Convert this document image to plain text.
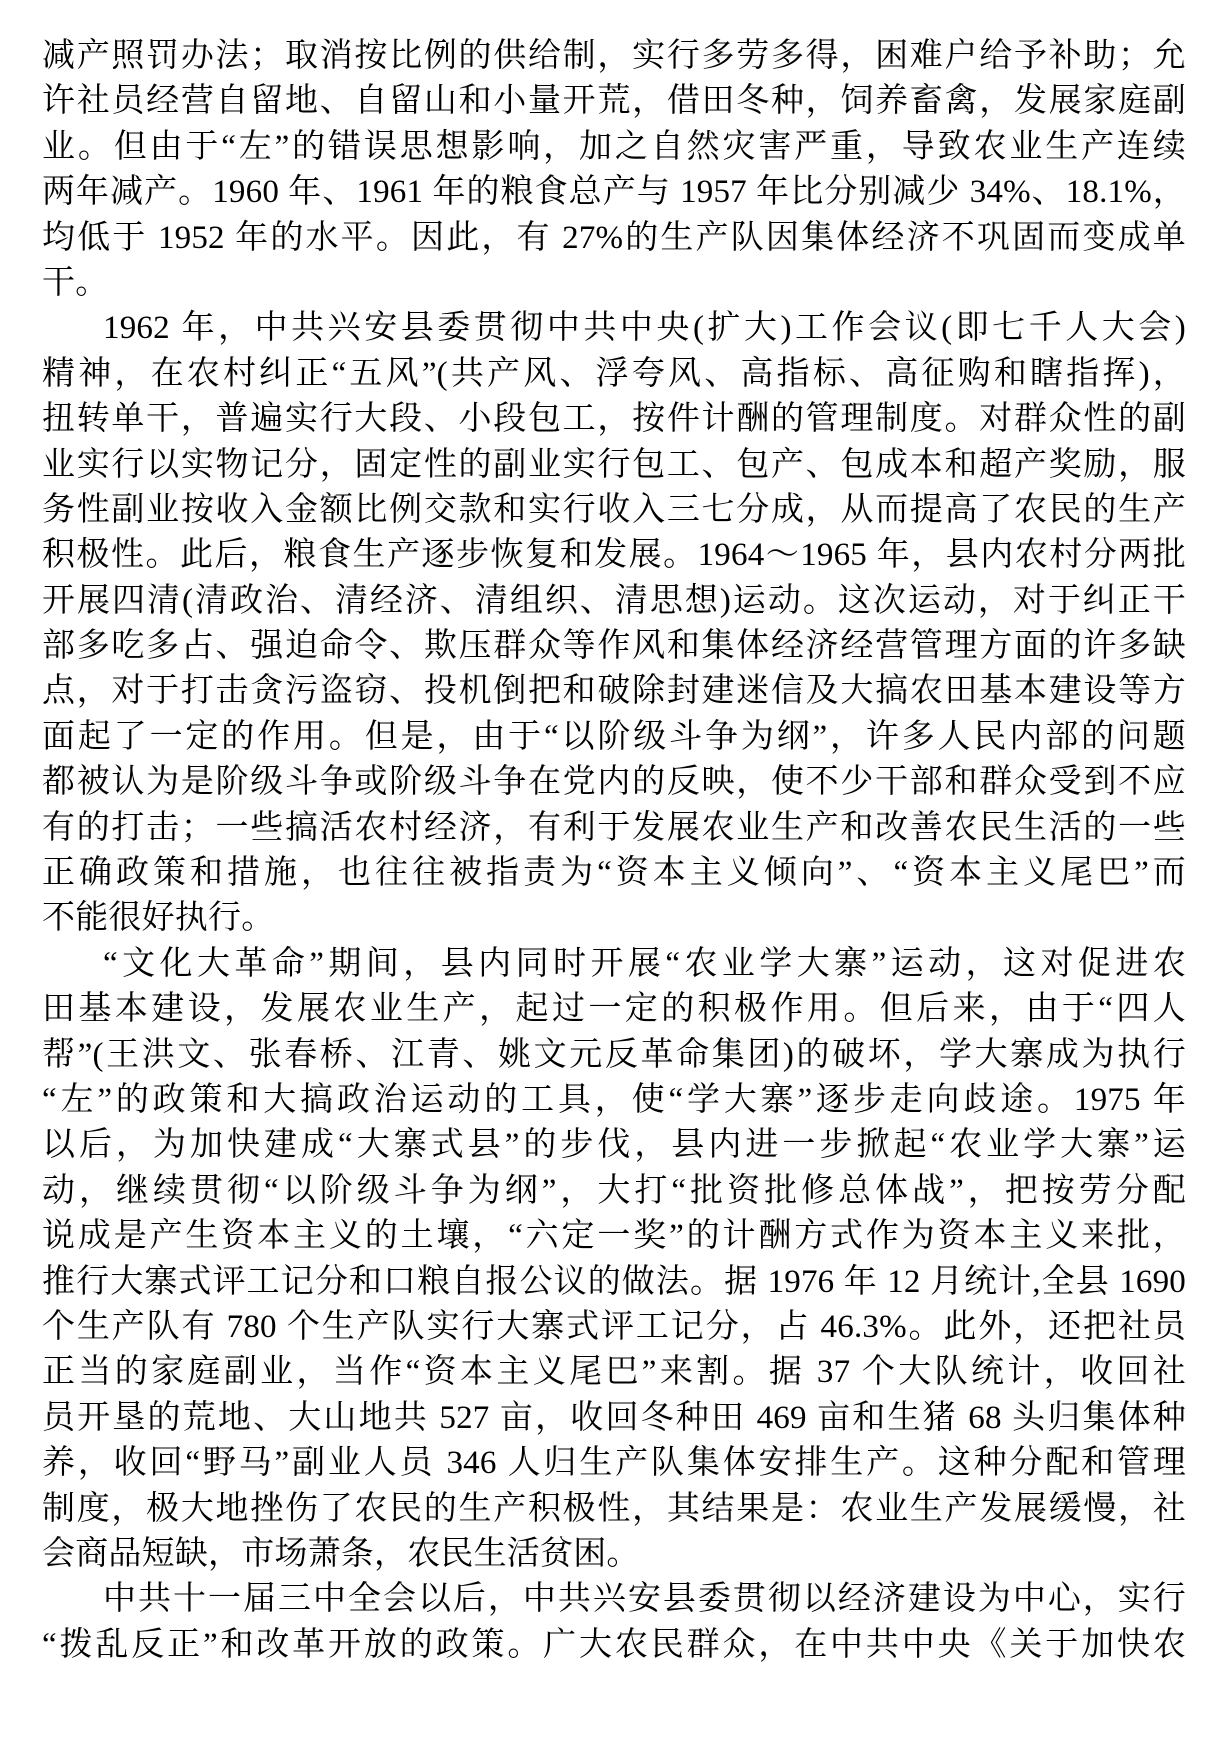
减产照罚办法；取消按比例的供给制，实行多劳多得，困难户给予补助；允
许社员经营自留地、自留山和小量开荒，借田冬种，饲养畜禽，发展家庭副
业。但由于“左”的错误思想影响，加之自然灾害严重，导致农业生产连续
两年减产。1960 年、1961 年的粮食总产与 1957 年比分别减少 34%、18.1%，
均低于 1952 年的水平。因此，有 27%的生产队因集体经济不巩固而变成单
干。
1962 年，中共兴安县委贯彻中共中央(扩大)工作会议(即七千人大会)
精神，在农村纠正“五风”(共产风、浮夸风、高指标、高征购和瞎指挥)，
扭转单干，普遍实行大段、小段包工，按件计酬的管理制度。对群众性的副
业实行以实物记分，固定性的副业实行包工、包产、包成本和超产奖励，服
务性副业按收入金额比例交款和实行收入三七分成，从而提高了农民的生产
积极性。此后，粮食生产逐步恢复和发展。1964～1965 年，县内农村分两批
开展四清(清政治、清经济、清组织、清思想)运动。这次运动，对于纠正干
部多吃多占、强迫命令、欺压群众等作风和集体经济经营管理方面的许多缺
点，对于打击贪污盗窃、投机倒把和破除封建迷信及大搞农田基本建设等方
面起了一定的作用。但是，由于“以阶级斗争为纲”，许多人民内部的问题
都被认为是阶级斗争或阶级斗争在党内的反映，使不少干部和群众受到不应
有的打击；一些搞活农村经济，有利于发展农业生产和改善农民生活的一些
正确政策和措施，也往往被指责为“资本主义倾向”、“资本主义尾巴”而
不能很好执行。
“文化大革命”期间，县内同时开展“农业学大寨”运动，这对促进农
田基本建设，发展农业生产，起过一定的积极作用。但后来，由于“四人
帮”(王洪文、张春桥、江青、姚文元反革命集团)的破坏，学大寨成为执行
“左”的政策和大搞政治运动的工具，使“学大寨”逐步走向歧途。1975 年
以后，为加快建成“大寨式县”的步伐，县内进一步掀起“农业学大寨”运
动，继续贯彻“以阶级斗争为纲”，大打“批资批修总体战”，把按劳分配
说成是产生资本主义的土壤，“六定一奖”的计酬方式作为资本主义来批，
推行大寨式评工记分和口粮自报公议的做法。据 1976 年 12 月统计,全县 1690
个生产队有 780 个生产队实行大寨式评工记分，占 46.3%。此外，还把社员
正当的家庭副业，当作“资本主义尾巴”来割。据 37 个大队统计，收回社
员开垦的荒地、大山地共 527 亩，收回冬种田 469 亩和生猪 68 头归集体种
养，收回“野马”副业人员 346 人归生产队集体安排生产。这种分配和管理
制度，极大地挫伤了农民的生产积极性，其结果是：农业生产发展缓慢，社
会商品短缺，市场萧条，农民生活贫困。
中共十一届三中全会以后，中共兴安县委贯彻以经济建设为中心，实行
“拨乱反正”和改革开放的政策。广大农民群众，在中共中央《关于加快农
